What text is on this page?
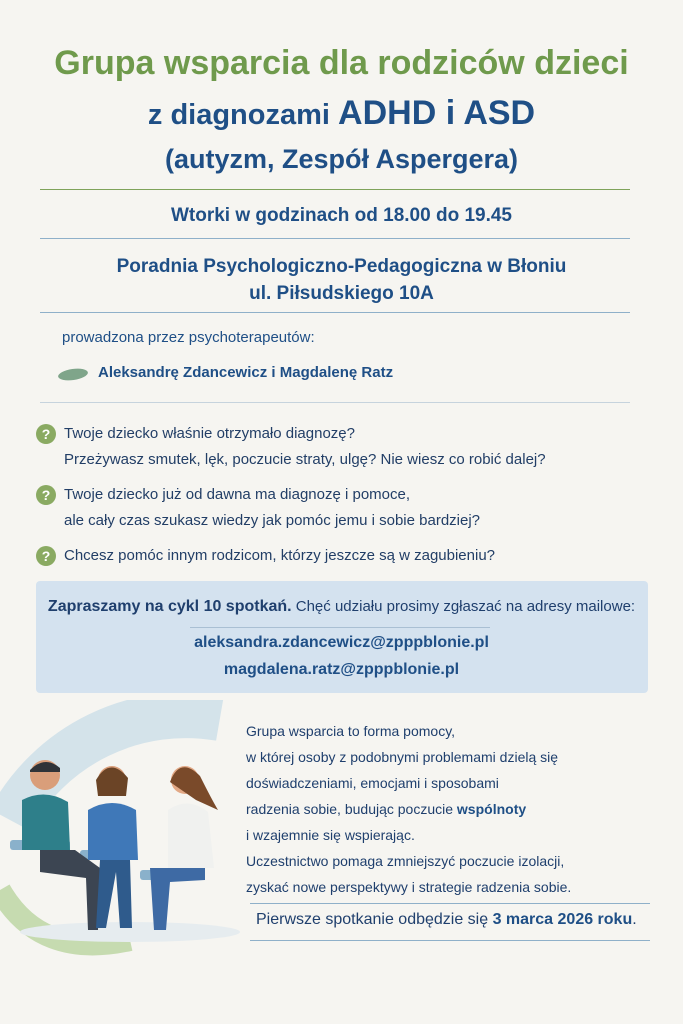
Grupa wsparcia dla rodziców dzieci
z diagnozami ADHD i ASD
(autyzm, Zespół Aspergera)
Wtorki w godzinach od 18.00 do 19.45
Poradnia Psychologiczno-Pedagogiczna w Błoniu
ul. Piłsudskiego 10A
prowadzona przez psychoterapeutów:
Aleksandrę Zdancewicz i Magdalenę Ratz
? Twoje dziecko właśnie otrzymało diagnozę?
Przeżywasz smutek, lęk, poczucie straty, ulgę? Nie wiesz co robić dalej?
? Twoje dziecko już od dawna ma diagnozę i pomoce,
ale cały czas szukasz wiedzy jak pomóc jemu i sobie bardziej?
? Chcesz pomóc innym rodzicom, którzy jeszcze są w zagubieniu?
Zapraszamy na cykl 10 spotkań. Chęć udziału prosimy zgłaszać na adresy mailowe:
aleksandra.zdancewicz@zpppblonie.pl
magdalena.ratz@zpppblonie.pl
Grupa wsparcia to forma pomocy,
w której osoby z podobnymi problemami dzielą się
doświadczeniami, emocjami i sposobami
radzenia sobie, budując poczucie wspólnoty
i wzajemnie się wspierając.
Uczestnictwo pomaga zmniejszyć poczucie izolacji,
zyskać nowe perspektywy i strategie radzenia sobie.
Pierwsze spotkanie odbędzie się 3 marca 2026 roku.
